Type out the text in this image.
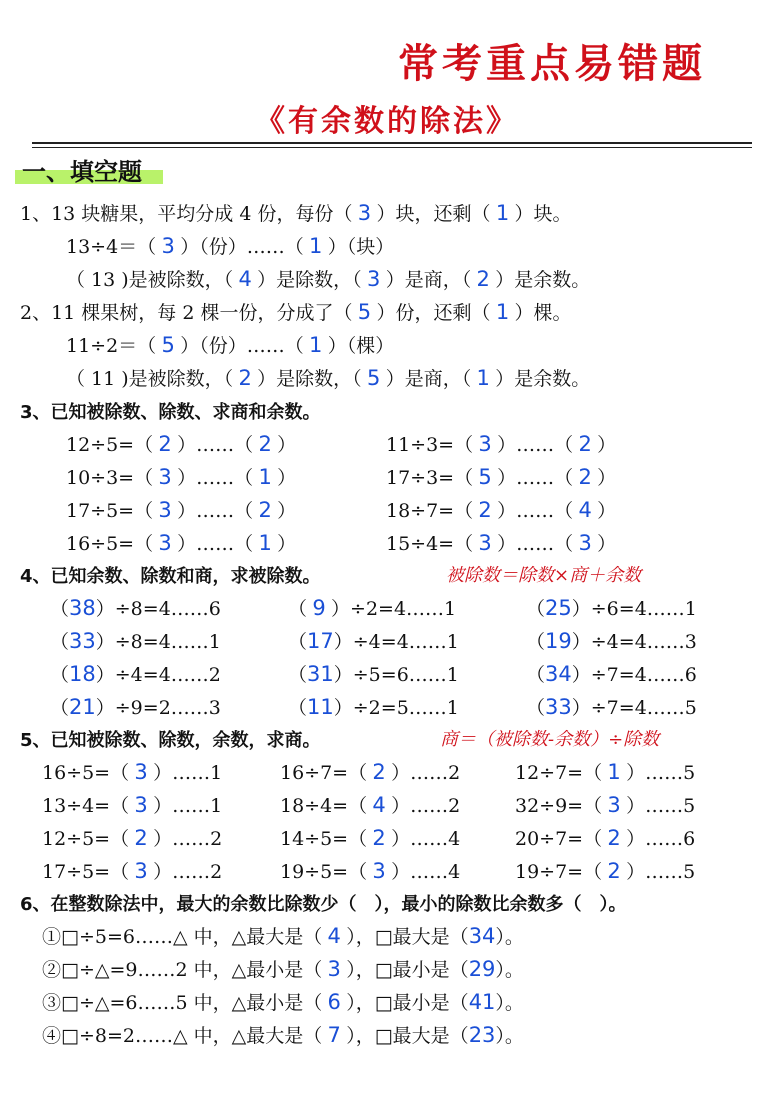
常考重点易错题
《有余数的除法》
一、填空题
1、13 块糖果，平均分成 4 份，每份（ 3 ）块，还剩（ 1 ）块。
13÷4＝（ 3 ）（份）……（ 1 ）（块）
（ 13 )是被除数，（ 4 ）是除数，（ 3 ）是商，（ 2 ）是余数。
2、11 棵果树，每 2 棵一份，分成了（ 5 ）份，还剩（ 1 ）棵。
11÷2＝（ 5 ）（份）……（ 1 ）（棵）
（ 11 )是被除数，（ 2 ）是除数，（ 5 ）是商，（ 1 ）是余数。
3、已知被除数、除数、求商和余数。
12÷5=（ 2 ）……（ 2 ）	11÷3=（ 3 ）……（ 2 ）
10÷3=（ 3 ）……（ 1 ）	17÷3=（ 5 ）……（ 2 ）
17÷5=（ 3 ）……（ 2 ）	18÷7=（ 2 ）……（ 4 ）
16÷5=（ 3 ）……（ 1 ）	15÷4=（ 3 ）……（ 3 ）
4、已知余数、除数和商，求被除数。	被除数＝除数×商＋余数
（38）÷8=4……6	（ 9 ）÷2=4……1	（25）÷6=4……1
（33）÷8=4……1	（17）÷4=4……1	（19）÷4=4……3
（18）÷4=4……2	（31）÷5=6……1	（34）÷7=4……6
（21）÷9=2……3	（11）÷2=5……1	（33）÷7=4……5
5、已知被除数、除数，余数，求商。	商＝（被除数-余数）÷除数
16÷5=（ 3 ）……1	16÷7=（ 2 ）……2	12÷7=（ 1 ）……5
13÷4=（ 3 ）……1	18÷4=（ 4 ）……2	32÷9=（ 3 ）……5
12÷5=（ 2 ）……2	14÷5=（ 2 ）……4	20÷7=（ 2 ）……6
17÷5=（ 3 ）……2	19÷5=（ 3 ）……4	19÷7=（ 2 ）……5
6、在整数除法中，最大的余数比除数少（　），最小的除数比余数多（　）。
①□÷5=6……△ 中，△最大是（ 4 ），□最大是（34）。
②□÷△=9……2 中，△最小是（ 3 ），□最小是（29）。
③□÷△=6……5 中，△最小是（ 6 ），□最小是（41）。
④□÷8=2……△ 中，△最大是（ 7 ），□最大是（23）。
